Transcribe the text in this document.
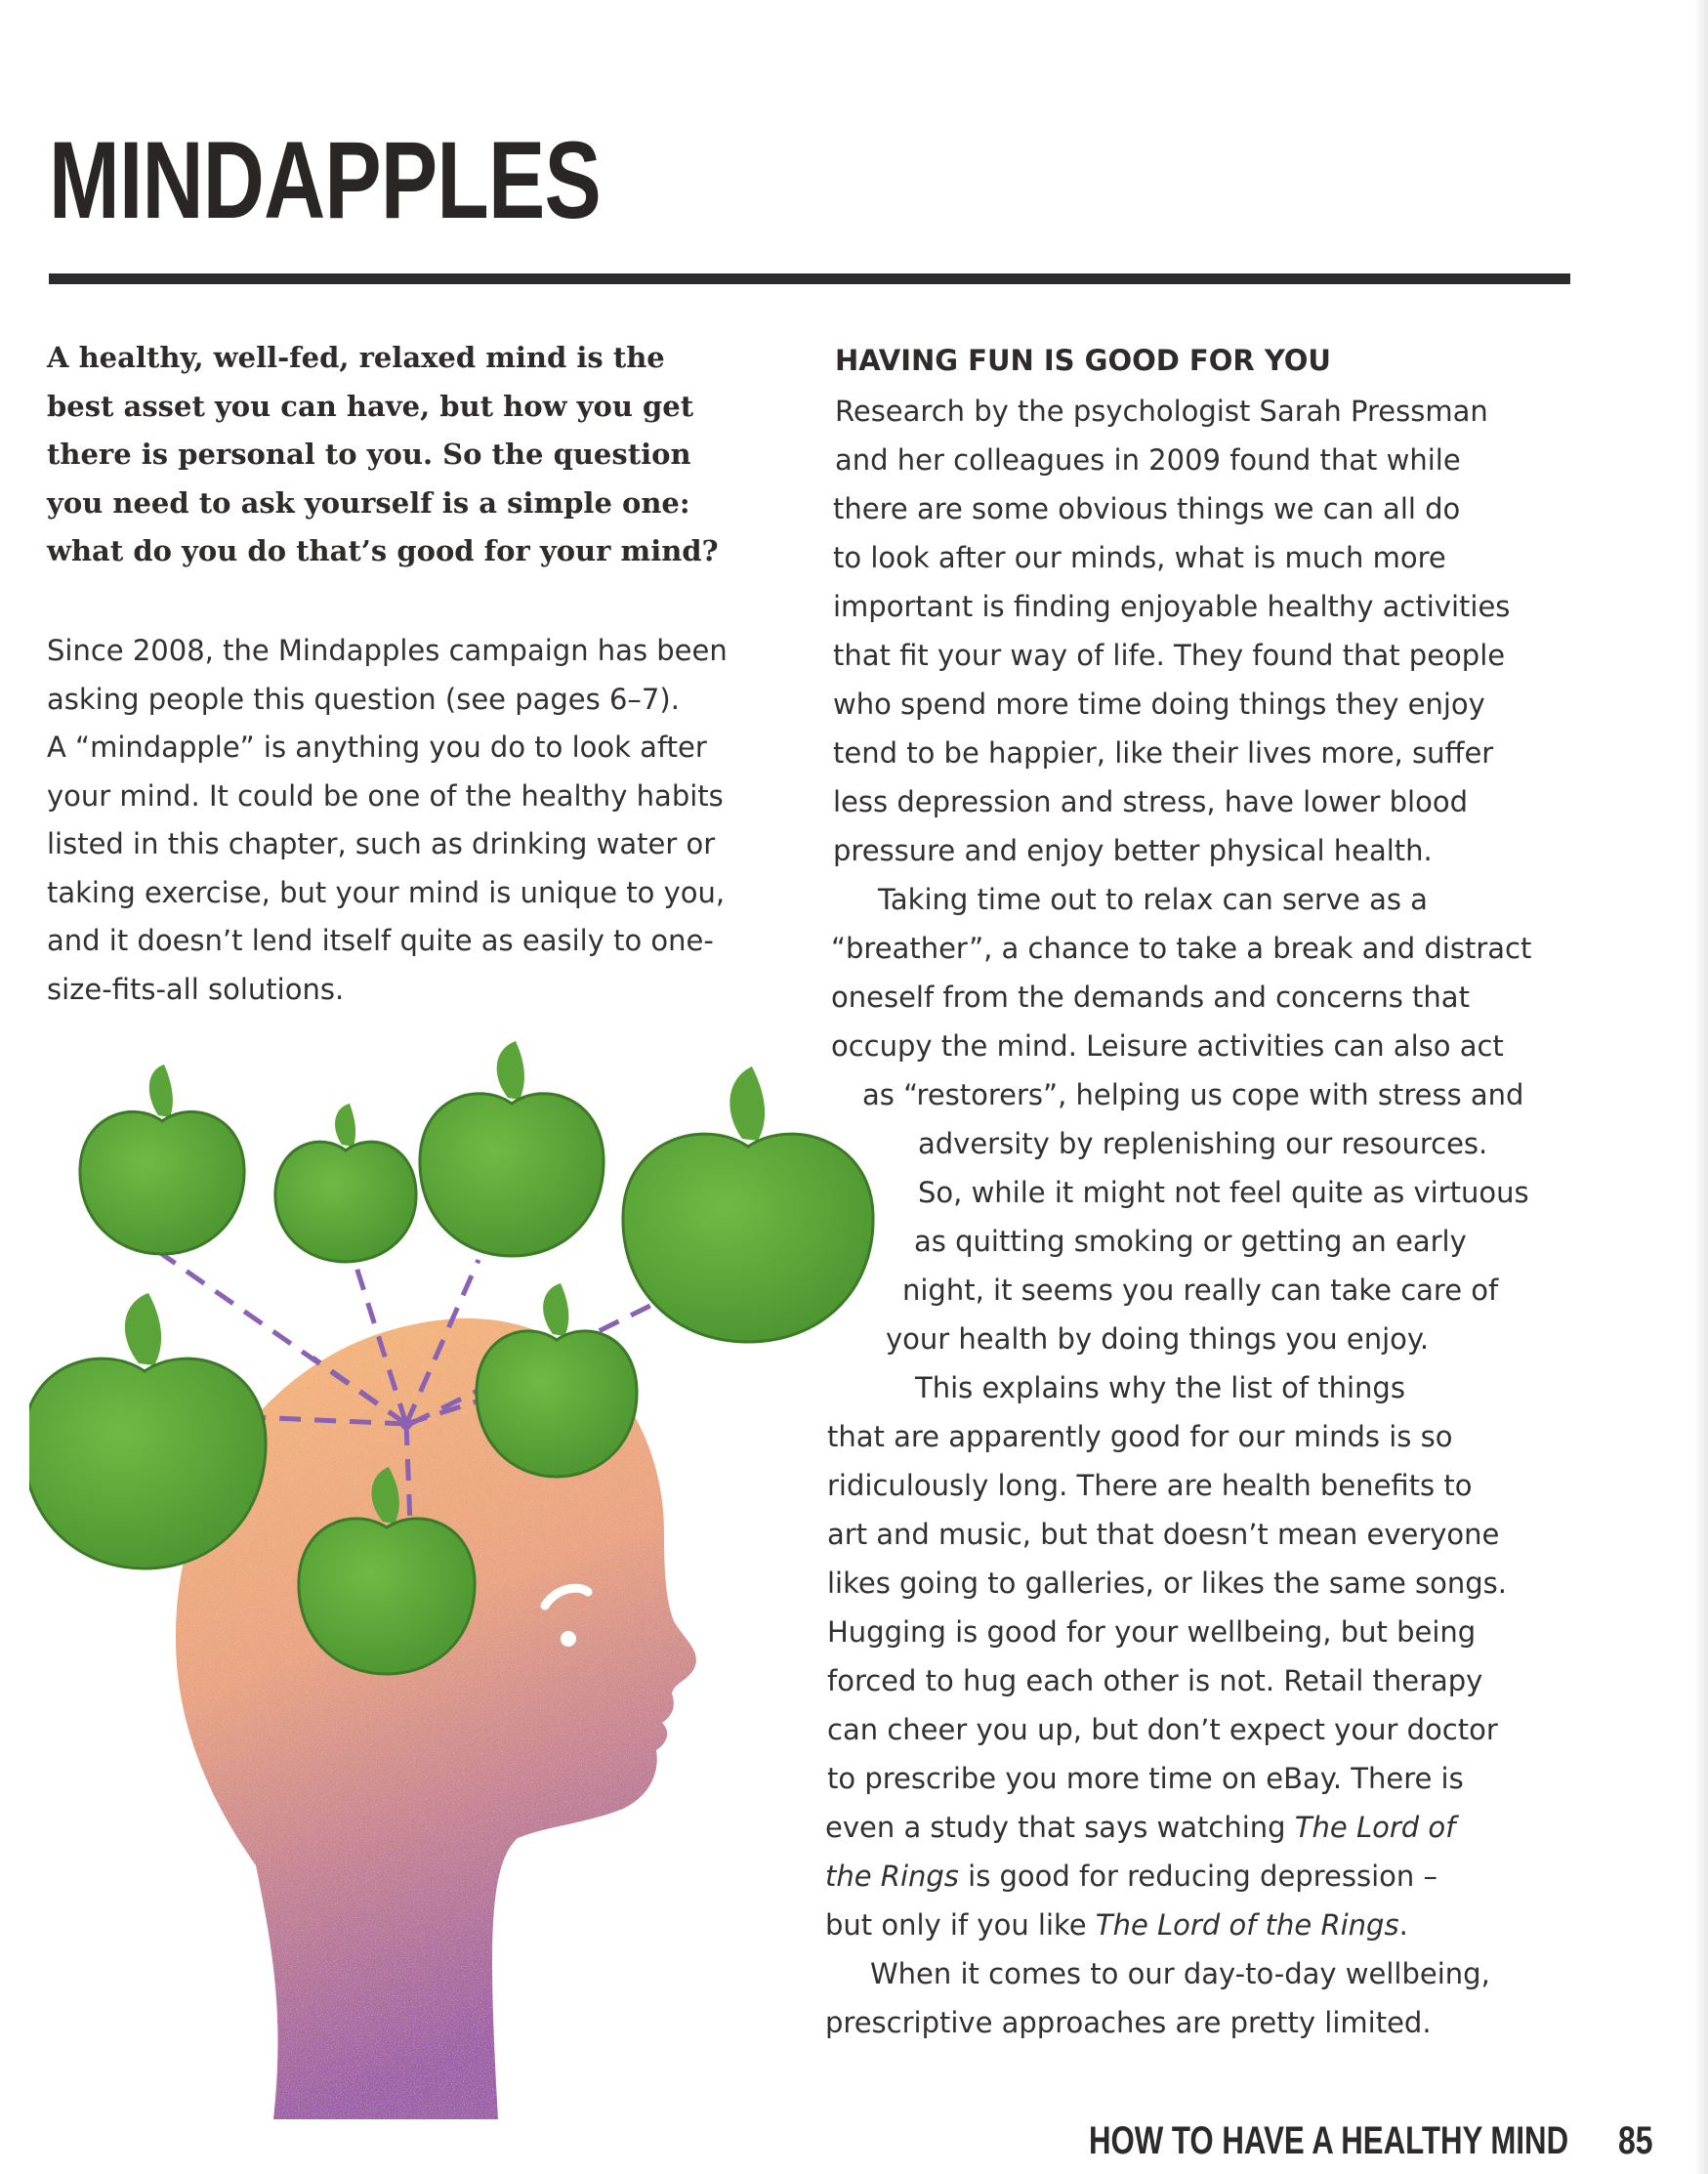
MINDAPPLES
A healthy, well-fed, relaxed mind is the
best asset you can have, but how you get
there is personal to you. So the question
you need to ask yourself is a simple one:
what do you do that’s good for your mind?
Since 2008, the Mindapples campaign has been
asking people this question (see pages 6–7).
A “mindapple” is anything you do to look after
your mind. It could be one of the healthy habits
listed in this chapter, such as drinking water or
taking exercise, but your mind is unique to you,
and it doesn’t lend itself quite as easily to one-
size-fits-all solutions.
HAVING FUN IS GOOD FOR YOU

Research by the psychologist Sarah Pressman

and her colleagues in 2009 found that while

there are some obvious things we can all do

to look after our minds, what is much more

important is finding enjoyable healthy activities

that fit your way of life. They found that people

who spend more time doing things they enjoy

tend to be happier, like their lives more, suffer

less depression and stress, have lower blood

pressure and enjoy better physical health.

Taking time out to relax can serve as a

“breather”, a chance to take a break and distract

oneself from the demands and concerns that

occupy the mind. Leisure activities can also act

as “restorers”, helping us cope with stress and

adversity by replenishing our resources.

So, while it might not feel quite as virtuous

as quitting smoking or getting an early

night, it seems you really can take care of

your health by doing things you enjoy.

This explains why the list of things

that are apparently good for our minds is so

ridiculously long. There are health benefits to

art and music, but that doesn’t mean everyone

likes going to galleries, or likes the same songs.

Hugging is good for your wellbeing, but being

forced to hug each other is not. Retail therapy

can cheer you up, but don’t expect your doctor

to prescribe you more time on eBay. There is

even a study that says watching The Lord of

the Rings is good for reducing depression –

but only if you like The Lord of the Rings.

When it comes to our day-to-day wellbeing,

prescriptive approaches are pretty limited.

HOW TO HAVE A HEALTHY MIND 85
